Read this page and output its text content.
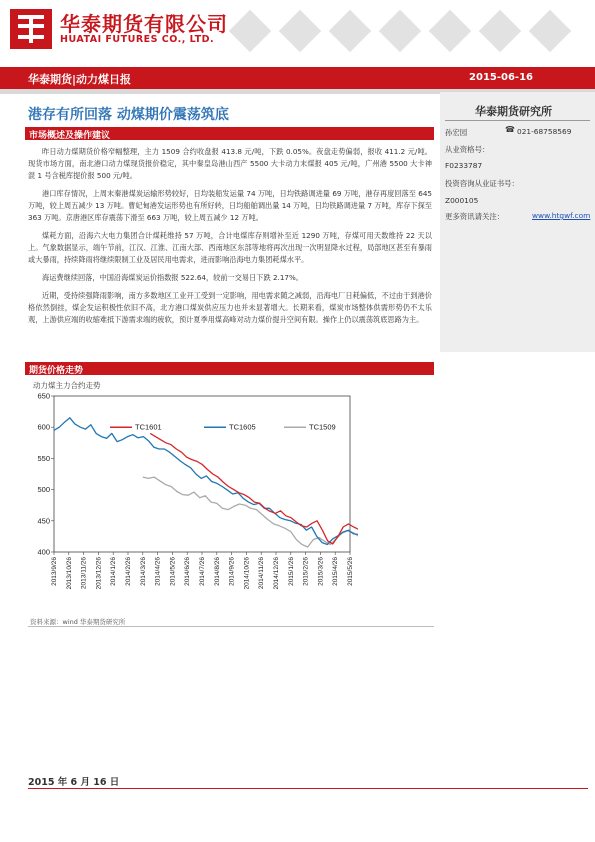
华泰期货有限公司
HUATAI FUTURES CO., LTD.
华泰期货|动力煤日报	2015-06-16
华泰期货研究所
孙宏园	☎ 021-68758569
从业资格号：
F0233787
投资咨询从业证书号：
Z000105
更多资讯请关注：	www.htgwf.com
港存有所回落 动煤期价震荡筑底
市场概述及操作建议

昨日动力煤期货价格窄幅整理，主力 1509 合约收盘报 413.8 元/吨，下跌 0.05%。夜盘走势偏弱，报收 411.2 元/吨。现货市场方面，南北港口动力煤现货报价稳定，其中秦皇岛港山西产 5500 大卡动力末煤报 405 元/吨，广州港 5500 大卡神混 1 号含税库提价报 500 元/吨。

港口库存情况，上周末秦港煤炭运输形势较好，日均装船发运量 74 万吨，日均铁路调进量 69 万吨，港存再度回落至 645 万吨，较上周五减少 13 万吨。曹妃甸港发运形势也有所好转，日均船舶调出量 14 万吨，日均铁路调进量 7 万吨，库存下探至 363 万吨。京唐港区库存震荡下滑至 663 万吨，较上周五减少 12 万吨。

煤耗方面，沿海六大电力集团合计煤耗维持 57 万吨，合计电煤库存则增补至近 1290 万吨，存煤可用天数维持 22 天以上。气象数据显示，端午节前，江汉、江淮、江南大部、西南地区东部等地将再次出现一次明显降水过程，局部地区甚至有暴雨或大暴雨，持续降雨将继续限制工业及居民用电需求，进而影响沿海电力集团耗煤水平。

海运费继续回落，中国沿海煤炭运价指数报 522.64，较前一交易日下跌 2.17%。

近期，受持续强降雨影响，南方多数地区工业开工受到一定影响，用电需求随之减弱，沿海电厂日耗偏低，不过由于到港价格依然倒挂，煤企发运积极性依旧不高，北方港口煤炭供应压力也并未显著增大。长期来看，煤炭市场整体供需形势仍不太乐观，上游供应端的收缩难抵下游需求端的疲软，预计夏季用煤高峰对动力煤价提升空间有限。操作上仍以震荡筑底思路为主。

期货价格走势
动力煤主力合约走势
400
450
500
550
600
650
2013/9/26 2013/10/26 2013/11/26 2013/12/26 2014/1/26 2014/2/26 2014/3/26 2014/4/26 2014/5/26 2014/6/26 2014/7/26 2014/8/26 2014/9/26 2014/10/26 2014/11/26 2014/12/26 2015/1/26 2015/2/26 2015/3/26 2015/4/26 2015/5/26
TC1601	TC1605	TC1509
资料来源：wind 华泰期货研究所
2015 年 6 月 16 日
